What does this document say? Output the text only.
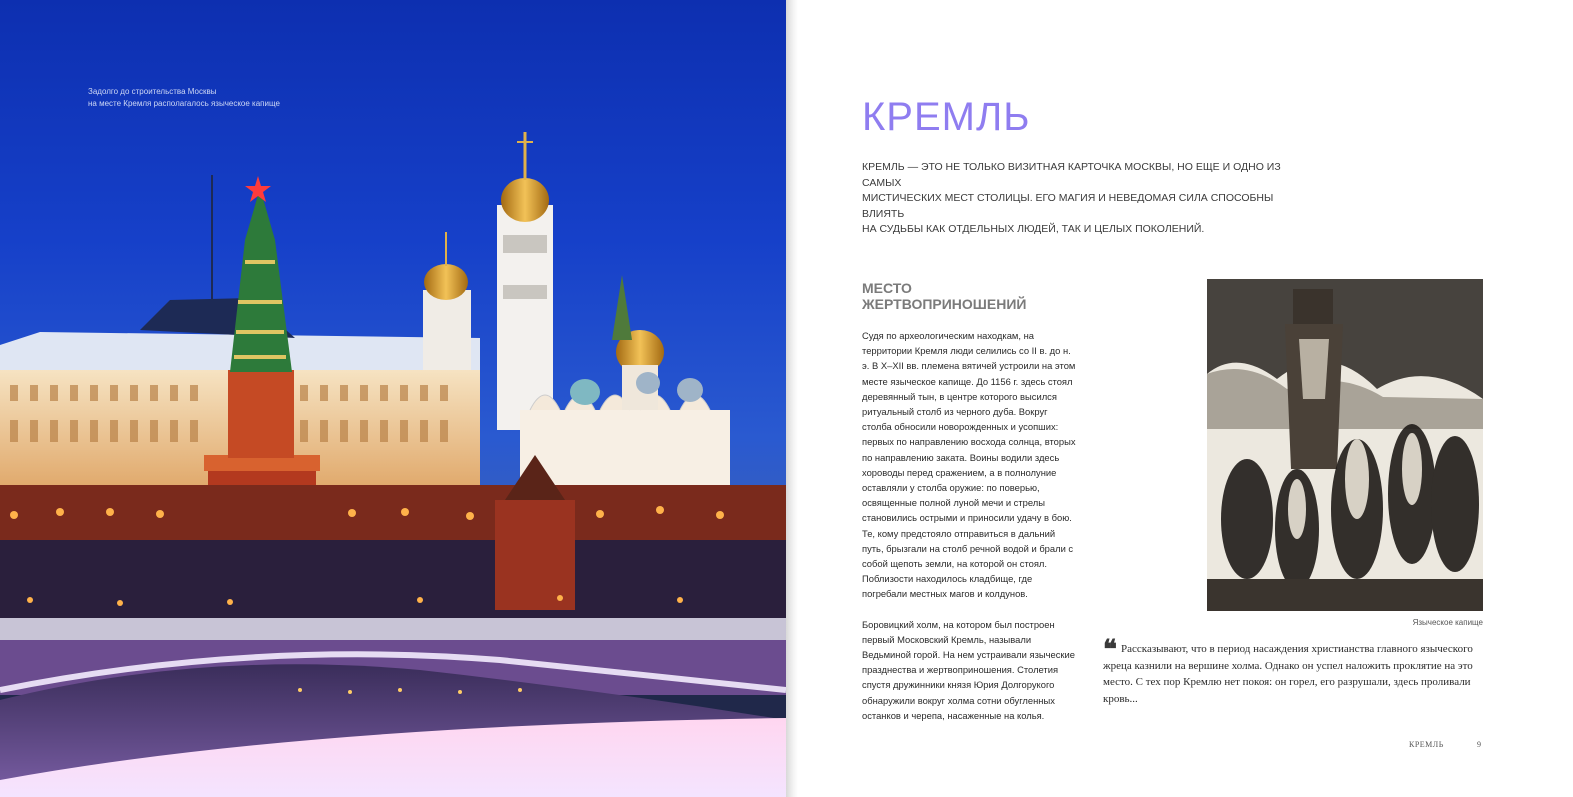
Задолго до строительства Москвы
на месте Кремля располагалось языческое капище	КРЕМЛЬ
КРЕМЛЬ — ЭТО НЕ ТОЛЬКО ВИЗИТНАЯ КАРТОЧКА МОСКВЫ, НО ЕЩЕ И ОДНО ИЗ САМЫХ
МИСТИЧЕСКИХ МЕСТ СТОЛИЦЫ. ЕГО МАГИЯ И НЕВЕДОМАЯ СИЛА СПОСОБНЫ ВЛИЯТЬ
НА СУДЬБЫ КАК ОТДЕЛЬНЫХ ЛЮДЕЙ, ТАК И ЦЕЛЫХ ПОКОЛЕНИЙ.
МЕСТО
ЖЕРТВОПРИНОШЕНИЙ

Судя по археологическим находкам, на территории Кремля люди селились со II в. до н. э. В X–XII вв. племена вятичей устроили на этом месте языческое капище. До 1156 г. здесь стоял деревянный тын, в центре которого высился ритуальный столб из черного дуба. Вокруг столба обносили новорожденных и усопших: первых по направлению восхода солнца, вторых по направлению заката. Воины водили здесь хороводы перед сражением, а в полнолуние оставляли у столба оружие: по поверью, освященные полной луной мечи и стрелы становились острыми и приносили удачу в бою. Те, кому предстояло отправиться в дальний путь, брызгали на столб речной водой и брали с собой щепоть земли, на которой он стоял. Поблизости находилось кладбище, где погребали местных магов и колдунов.

Боровицкий холм, на котором был построен первый Московский Кремль, называли Ведьминой горой. На нем устраивали языческие празднества и жертвоприношения. Столетия спустя дружинники князя Юрия Долгорукого обнаружили вокруг холма сотни обугленных останков и черепа, насаженные на колья.

Языческое капище
❝ Рассказывают, что в период насаждения христианства главного языческого жреца казнили на вершине холма. Однако он успел наложить проклятие на это место. С тех пор Кремлю нет покоя: он горел, его разрушали, здесь проливали кровь...
КРЕМЛЬ	9
